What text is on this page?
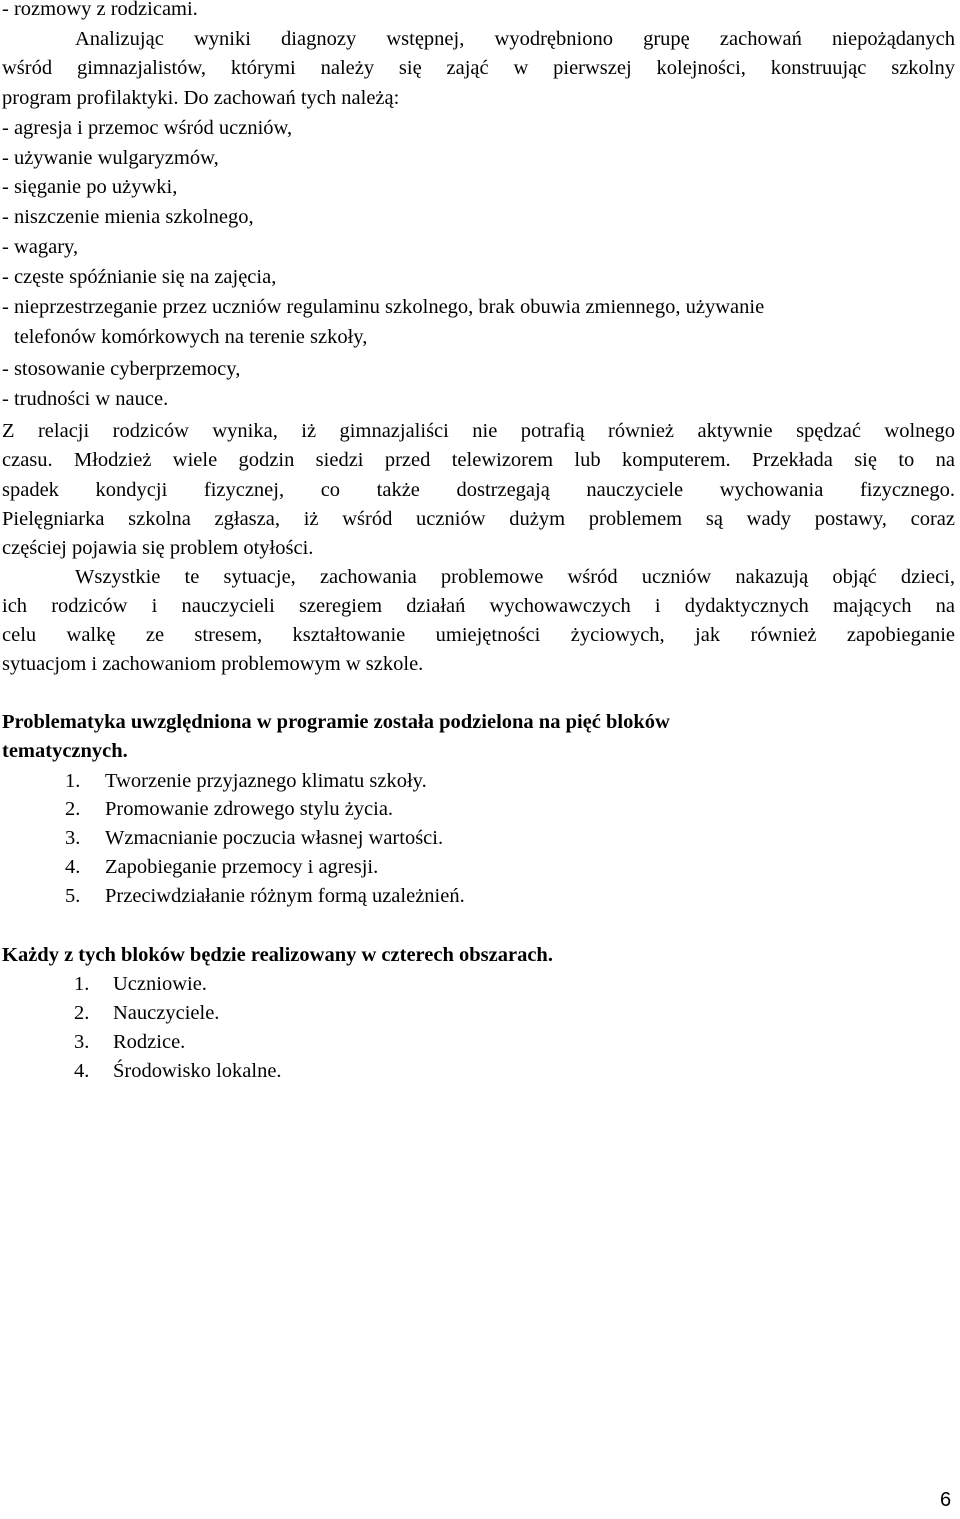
- rozmowy z rodzicami.
Analizując wyniki diagnozy wstępnej, wyodrębniono grupę zachowań niepożądanych
wśród gimnazjalistów, którymi należy się zająć w pierwszej kolejności, konstruując szkolny
program profilaktyki. Do zachowań tych należą:
- agresja i przemoc wśród uczniów,
- używanie wulgaryzmów,
- sięganie po używki,
- niszczenie mienia szkolnego,
- wagary,
- częste spóźnianie się na zajęcia,
- nieprzestrzeganie przez uczniów regulaminu szkolnego, brak obuwia zmiennego, używanie
telefonów komórkowych na terenie szkoły,
- stosowanie cyberprzemocy,
- trudności w nauce.
Z relacji rodziców wynika, iż gimnazjaliści nie potrafią również aktywnie spędzać wolnego
czasu. Młodzież wiele godzin siedzi przed telewizorem lub komputerem. Przekłada się to na
spadek kondycji fizycznej, co także dostrzegają nauczyciele wychowania fizycznego.
Pielęgniarka szkolna zgłasza, iż wśród uczniów dużym problemem są wady postawy, coraz
częściej pojawia się problem otyłości.
Wszystkie te sytuacje, zachowania problemowe wśród uczniów nakazują objąć dzieci,
ich rodziców i nauczycieli szeregiem działań wychowawczych i dydaktycznych mających na
celu walkę ze stresem, kształtowanie umiejętności życiowych, jak również zapobieganie
sytuacjom i zachowaniom problemowym w szkole.
Problematyka uwzględniona w programie została podzielona na pięć bloków
tematycznych.
1. Tworzenie przyjaznego klimatu szkoły.
2. Promowanie zdrowego stylu życia.
3. Wzmacnianie poczucia własnej wartości.
4. Zapobieganie przemocy i agresji.
5. Przeciwdziałanie różnym formą uzależnień.
Każdy z tych bloków będzie realizowany w czterech obszarach.
1. Uczniowie.
2. Nauczyciele.
3. Rodzice.
4. Środowisko lokalne.
6
